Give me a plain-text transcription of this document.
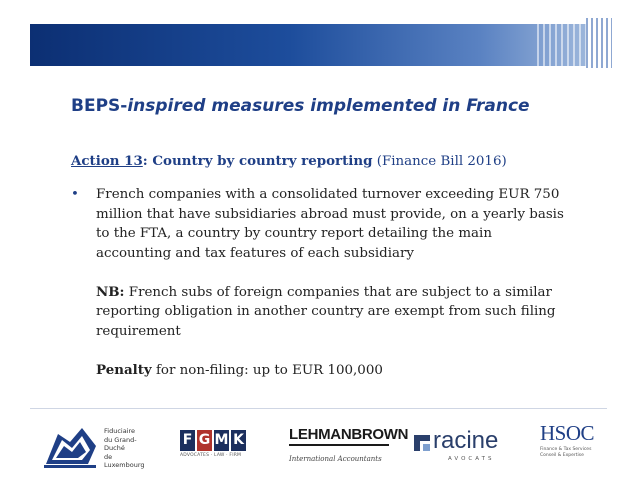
BEPS-inspired measures implemented in France
Action 13: Country by country reporting (Finance Bill 2016)
• French companies with a consolidated turnover exceeding EUR 750 million that have subsidiaries abroad must provide, on a yearly basis to the FTA, a country by country report detailing the main accounting and tax features of each subsidiary

NB: French subs of foreign companies that are subject to a similar reporting obligation in another country are exempt from such filing requirement

Penalty for non-filing: up to EUR 100,000

Fiduciaire
du Grand-Duché
de Luxembourg
F G M K
ADVOCATES · LAW · FIRM
LEHMANBROWN
International Accountants
racine
AVOCATS
HSOC
Finance & Tax Services
Conseil & Expertise
